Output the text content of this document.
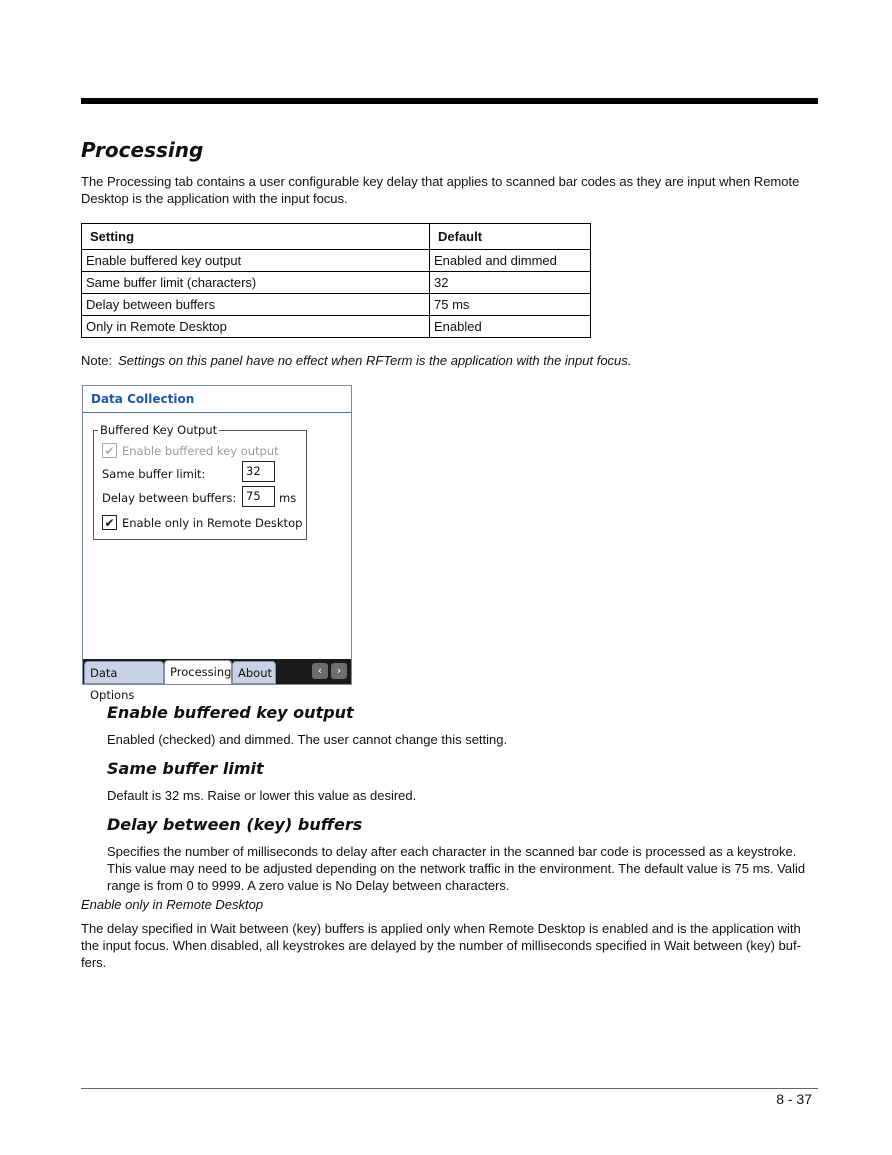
Processing

The Processing tab contains a user configurable key delay that applies to scanned bar codes as they are input when Remote Desktop is the application with the input focus.

Setting	Default
Enable buffered key output	Enabled and dimmed
Same buffer limit (characters)	32
Delay between buffers	75 ms
Only in Remote Desktop	Enabled

Note: Settings on this panel have no effect when RFTerm is the application with the input focus.

Data Collection
Buffered Key Output
✔ Enable buffered key output
Same buffer limit:	32
Delay between buffers: 75	ms
✔ Enable only in Remote Desktop
Data Options
Processing About	‹	›
Enable buffered key output

Enabled (checked) and dimmed. The user cannot change this setting.

Same buffer limit

Default is 32 ms. Raise or lower this value as desired.

Delay between (key) buffers

Specifies the number of milliseconds to delay after each character in the scanned bar code is processed as a keystroke. This value may need to be adjusted depending on the network traffic in the environment. The default value is 75 ms. Valid range is from 0 to 9999. A zero value is No Delay between characters.

Enable only in Remote Desktop

The delay specified in Wait between (key) buffers is applied only when Remote Desktop is enabled and is the application with the input focus. When disabled, all keystrokes are delayed by the number of milliseconds specified in Wait between (key) buf-fers.

8 - 37
